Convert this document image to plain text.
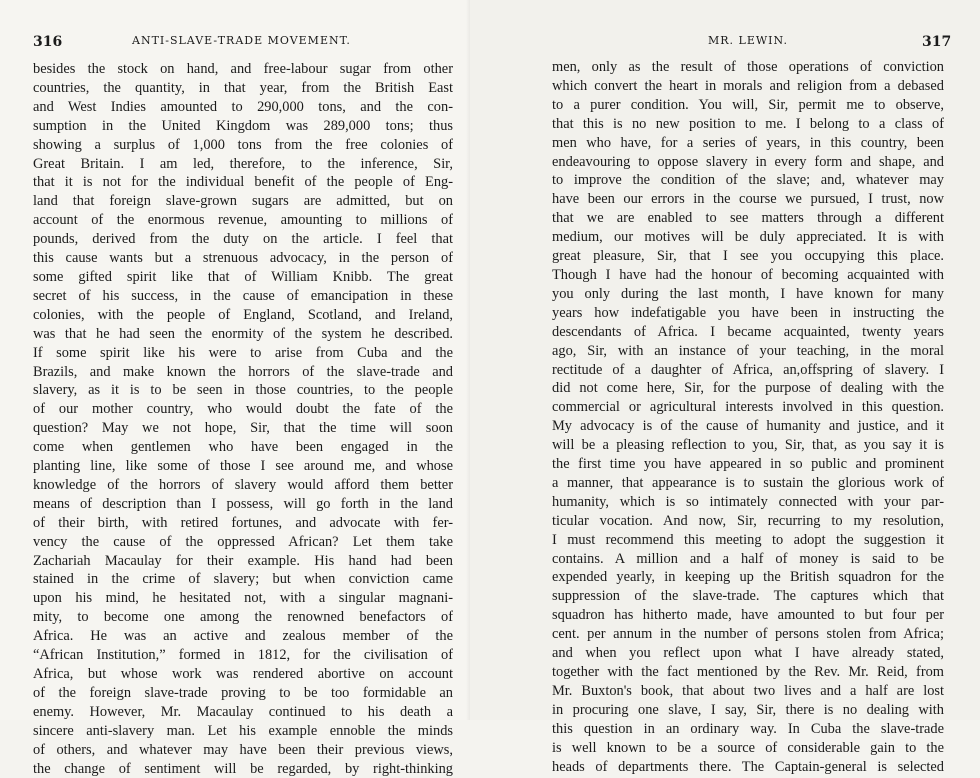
316	ANTI-SLAVE-TRADE MOVEMENT.
besides the stock on hand, and free-labour sugar from other
countries, the quantity, in that year, from the British East
and West Indies amounted to 290,000 tons, and the con-
sumption in the United Kingdom was 289,000 tons; thus
showing a surplus of 1,000 tons from the free colonies of
Great Britain. I am led, therefore, to the inference, Sir,
that it is not for the individual benefit of the people of Eng-
land that foreign slave-grown sugars are admitted, but on
account of the enormous revenue, amounting to millions of
pounds, derived from the duty on the article. I feel that
this cause wants but a strenuous advocacy, in the person of
some gifted spirit like that of William Knibb. The great
secret of his success, in the cause of emancipation in these
colonies, with the people of England, Scotland, and Ireland,
was that he had seen the enormity of the system he described.
If some spirit like his were to arise from Cuba and the
Brazils, and make known the horrors of the slave-trade and
slavery, as it is to be seen in those countries, to the people
of our mother country, who would doubt the fate of the
question? May we not hope, Sir, that the time will soon
come when gentlemen who have been engaged in the
planting line, like some of those I see around me, and whose
knowledge of the horrors of slavery would afford them better
means of description than I possess, will go forth in the land
of their birth, with retired fortunes, and advocate with fer-
vency the cause of the oppressed African? Let them take
Zachariah Macaulay for their example. His hand had been
stained in the crime of slavery; but when conviction came
upon his mind, he hesitated not, with a singular magnani-
mity, to become one among the renowned benefactors of
Africa. He was an active and zealous member of the
“African Institution,” formed in 1812, for the civilisation of
Africa, but whose work was rendered abortive on account
of the foreign slave-trade proving to be too formidable an
enemy. However, Mr. Macaulay continued to his death a
sincere anti-slavery man. Let his example ennoble the minds
of others, and whatever may have been their previous views,
the change of sentiment will be regarded, by right-thinking
MR. LEWIN.	317
men, only as the result of those operations of conviction
which convert the heart in morals and religion from a debased
to a purer condition. You will, Sir, permit me to observe,
that this is no new position to me. I belong to a class of
men who have, for a series of years, in this country, been
endeavouring to oppose slavery in every form and shape, and
to improve the condition of the slave; and, whatever may
have been our errors in the course we pursued, I trust, now
that we are enabled to see matters through a different
medium, our motives will be duly appreciated. It is with
great pleasure, Sir, that I see you occupying this place.
Though I have had the honour of becoming acquainted with
you only during the last month, I have known for many
years how indefatigable you have been in instructing the
descendants of Africa. I became acquainted, twenty years
ago, Sir, with an instance of your teaching, in the moral
rectitude of a daughter of Africa, an,offspring of slavery. I
did not come here, Sir, for the purpose of dealing with the
commercial or agricultural interests involved in this question.
My advocacy is of the cause of humanity and justice, and it
will be a pleasing reflection to you, Sir, that, as you say it is
the first time you have appeared in so public and prominent
a manner, that appearance is to sustain the glorious work of
humanity, which is so intimately connected with your par-
ticular vocation. And now, Sir, recurring to my resolution,
I must recommend this meeting to adopt the suggestion it
contains. A million and a half of money is said to be
expended yearly, in keeping up the British squadron for the
suppression of the slave-trade. The captures which that
squadron has hitherto made, have amounted to but four per
cent. per annum in the number of persons stolen from Africa;
and when you reflect upon what I have already stated,
together with the fact mentioned by the Rev. Mr. Reid, from
Mr. Buxton's book, that about two lives and a half are lost
in procuring one slave, I say, Sir, there is no dealing with
this question in an ordinary way. In Cuba the slave-trade
is well known to be a source of considerable gain to the
heads of departments there. The Captain-general is selected
